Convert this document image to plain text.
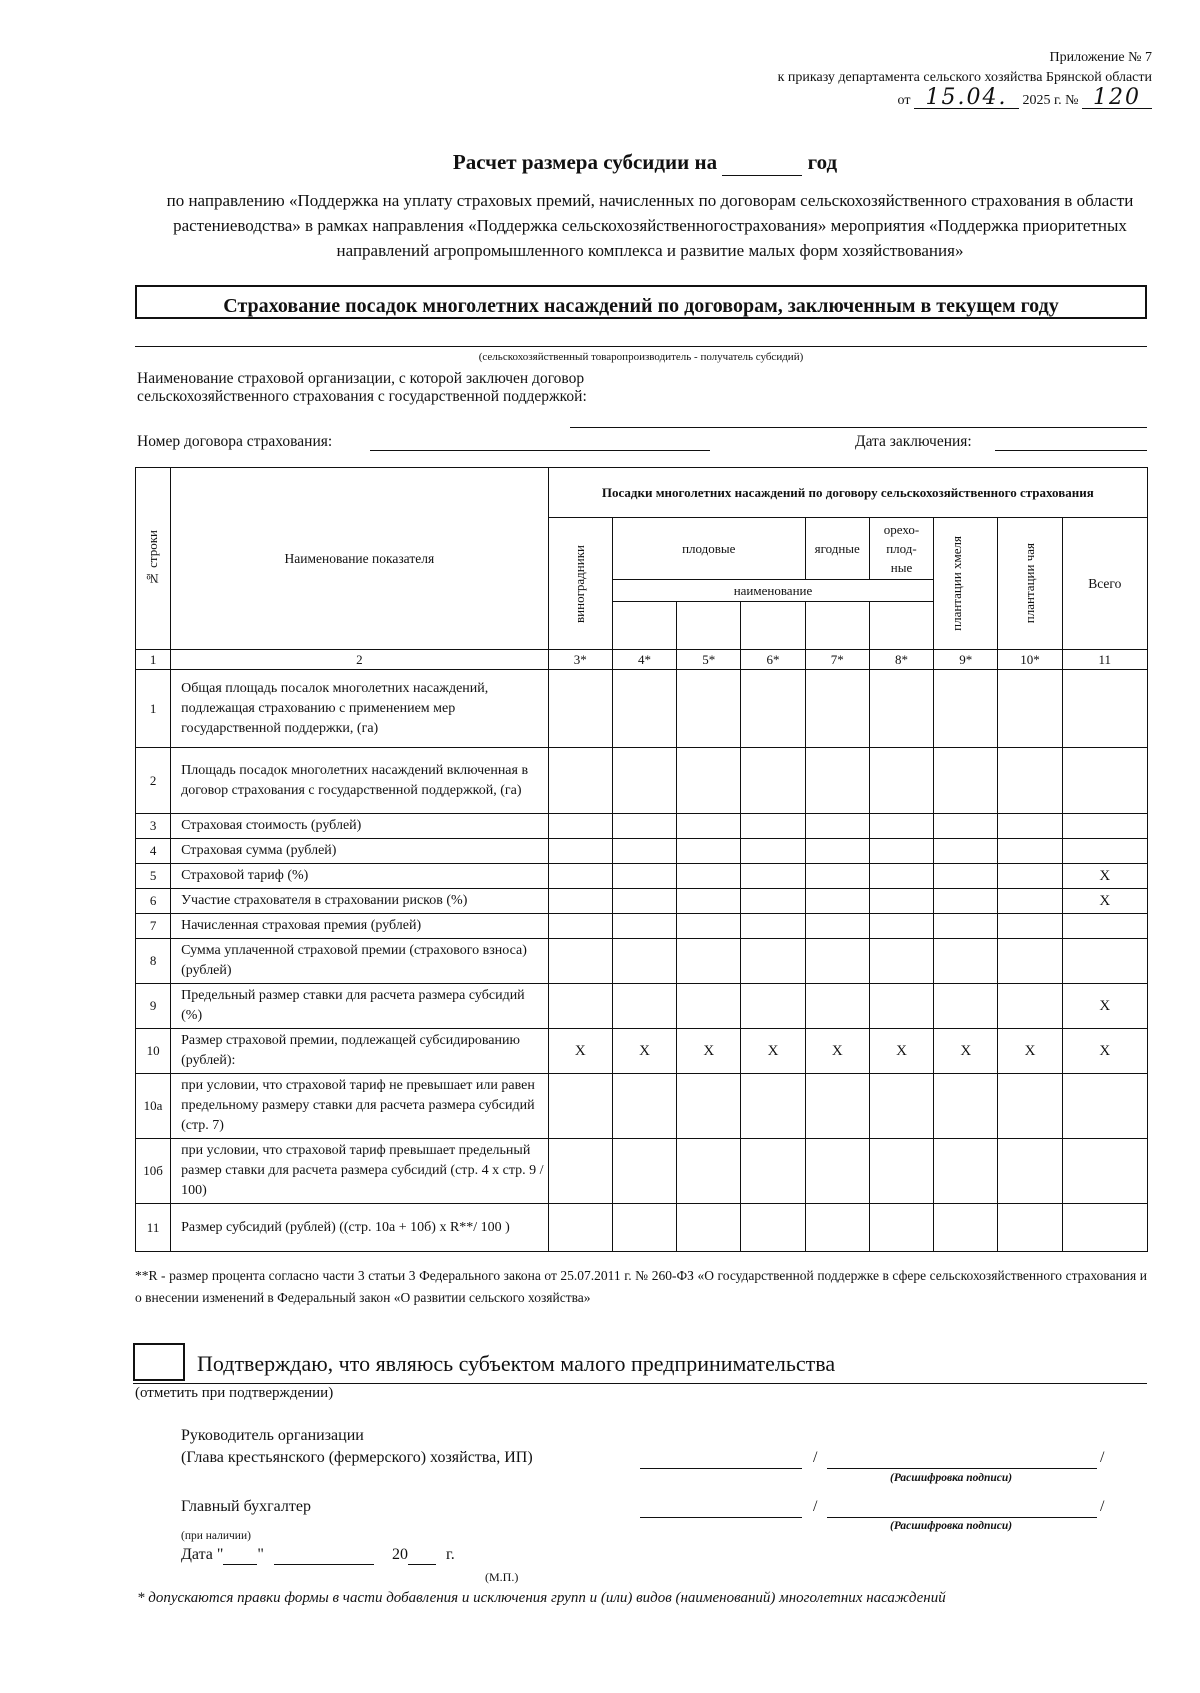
Приложение № 7
к приказу департамента сельского хозяйства Брянской области
от 15.04. 2025 г. № 120
Расчет размера субсидии на	год
по направлению «Поддержка на уплату страховых премий, начисленных по договорам сельскохозяйственного страхования в области растениеводства» в рамках направления «Поддержка сельскохозяйственногострахования» мероприятия «Поддержка приоритетных направлений агропромышленного комплекса и развитие малых форм хозяйствования»
Страхование посадок многолетних насаждений по договорам, заключенным в текущем году
(сельскохозяйственный товаропроизводитель - получатель субсидий)
Наименование страховой организации, с которой заключен договор сельскохозяйственного страхования с государственной поддержкой:
Номер договора страхования:	Дата заключения:
№ строки	Наименование показателя	Посадки многолетних насаждений по договору сельскохозяйственного страхования								

		виноградники	плодовые			ягодные	орехо-плод-ные	плантации хмеля	плантации чая	Всего
			наименование							

1	2	3*	4*	5*	6*	7*	8*	9*	10*	11
1	Общая площадь посалок многолетних насаждений, подлежащая страхованию с применением мер государственной поддержки, (га)									
2	Площадь посадок многолетних насаждений включенная в договор страхования с государственной поддержкой, (га)									
3	Страховая стоимость (рублей)									
4	Страховая сумма (рублей)									
5	Страховой тариф (%)									X
6	Участие страхователя в страховании рисков (%)									X
7	Начисленная страховая премия (рублей)									
8	Сумма уплаченной страховой премии (страхового взноса) (рублей)									
9	Предельный размер ставки для расчета размера субсидий (%)									X
10	Размер страховой премии, подлежащей субсидированию (рублей):	X	X	X	X	X	X	X	X	X
10а	при условии, что страховой тариф не превышает или равен предельному размеру ставки для расчета размера субсидий (стр. 7)									
10б	при условии, что страховой тариф превышает предельный размер ставки для расчета размера субсидий (стр. 4 х стр. 9 / 100)									
11	Размер субсидий (рублей) ((стр. 10а + 10б) х R**/ 100 )									
**R - размер процента согласно части 3 статьи 3 Федерального закона от 25.07.2011 г. № 260-ФЗ «О государственной поддержке в сфере сельскохозяйственного страхования и о внесении изменений в Федеральный закон «О развитии сельского хозяйства»
Подтверждаю, что являюсь субъектом малого предпринимательства
(отметить при подтверждении)
Руководитель организации
(Глава крестьянского (фермерского) хозяйства, ИП)	/	/
(Расшифровка подписи)
Главный бухгалтер	/	/
(Расшифровка подписи)
(при наличии)
Дата " "	20 г.
(М.П.)
* допускаются правки формы в части добавления и исключения групп и (или) видов (наименований) многолетних насаждений
